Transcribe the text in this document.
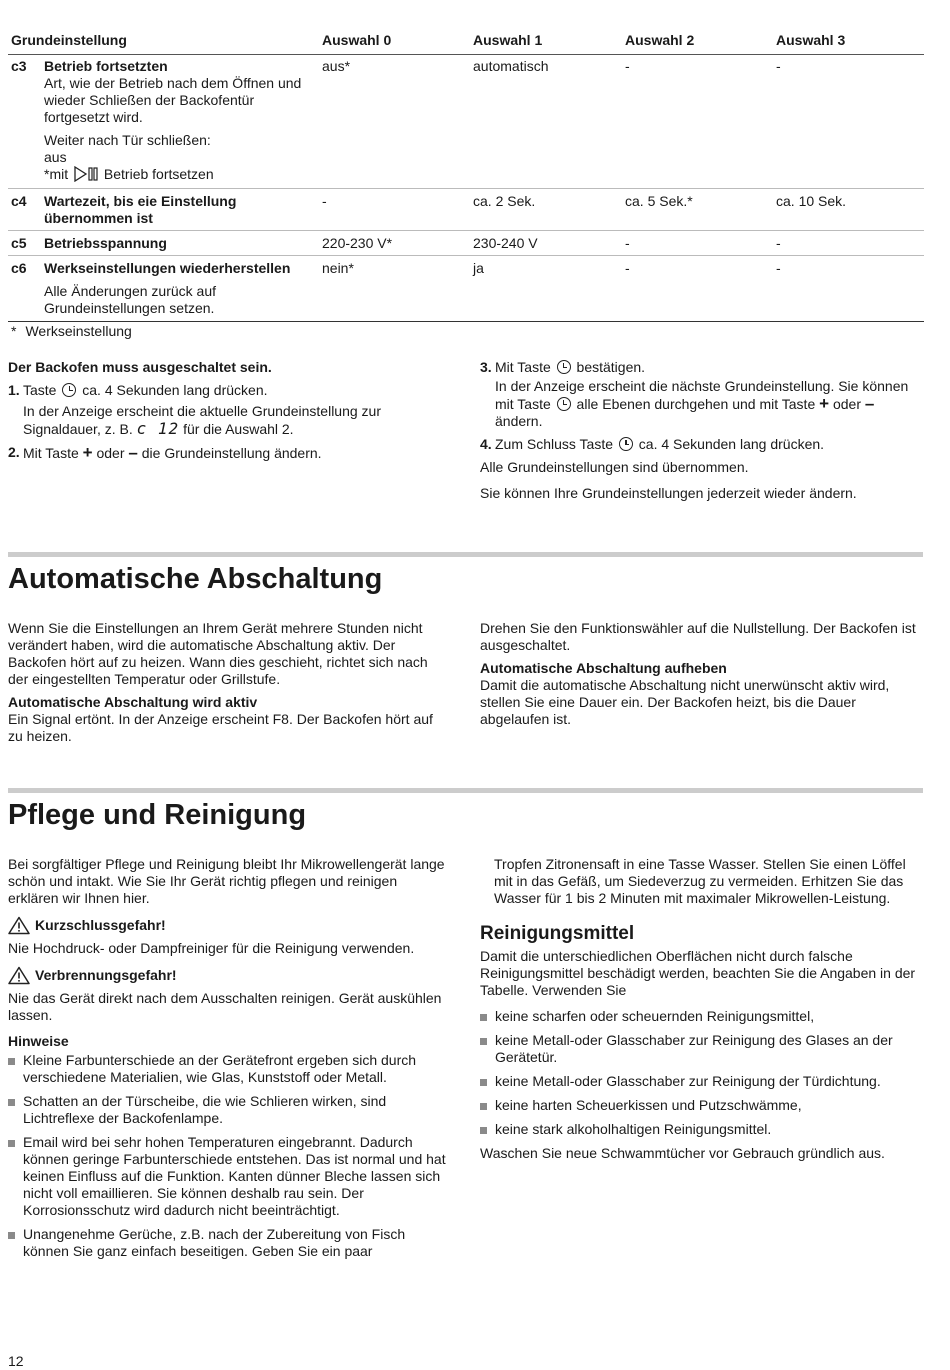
Grundeinstellung	Auswahl 0	Auswahl 1	Auswahl 2	Auswahl 3
c3 Betrieb fortsetzten
Art, wie der Betrieb nach dem Öffnen und wieder Schließen der Backofentür fortgesetzt wird.
Weiter nach Tür schließen:
aus
*mit	Betrieb fortsetzen
aus*	automatisch	-	-
c4 Wartezeit, bis eie Einstellung übernommen ist
-	ca. 2 Sek.	ca. 5 Sek.*	ca. 10 Sek.
c5 Betriebsspannung	220-230 V*	230-240 V	-	-
c6 Werkseinstellungen wiederherstellen
Alle Änderungen zurück auf Grundeinstellungen setzen.
nein*	ja	-	-
* Werkseinstellung
Der Backofen muss ausgeschaltet sein.
1. Taste ca. 4 Sekunden lang drücken.
In der Anzeige erscheint die aktuelle Grundeinstellung zur Signaldauer, z. B. c 12 für die Auswahl 2.
2. Mit Taste + oder – die Grundeinstellung ändern.
3. Mit Taste bestätigen.
In der Anzeige erscheint die nächste Grundeinstellung. Sie können mit Taste alle Ebenen durchgehen und mit Taste + oder –ändern.
4. Zum Schluss Taste ca. 4 Sekunden lang drücken.

Alle Grundeinstellungen sind übernommen.

Sie können Ihre Grundeinstellungen jederzeit wieder ändern.

Automatische Abschaltung

Wenn Sie die Einstellungen an Ihrem Gerät mehrere Stunden nicht verändert haben, wird die automatische Abschaltung aktiv. Der Backofen hört auf zu heizen. Wann dies geschieht, richtet sich nach der eingestellten Temperatur oder Grillstufe.

Automatische Abschaltung wird aktiv

Ein Signal ertönt. In der Anzeige erscheint F8. Der Backofen hört auf zu heizen.

Drehen Sie den Funktionswähler auf die Nullstellung. Der Backofen ist ausgeschaltet.

Automatische Abschaltung aufheben

Damit die automatische Abschaltung nicht unerwünscht aktiv wird, stellen Sie eine Dauer ein. Der Backofen heizt, bis die Dauer abgelaufen ist.

Pflege und Reinigung

Bei sorgfältiger Pflege und Reinigung bleibt Ihr Mikrowellengerät lange schön und intakt. Wie Sie Ihr Gerät richtig pflegen und reinigen erklären wir Ihnen hier.

Kurzschlussgefahr!

Nie Hochdruck- oder Dampfreiniger für die Reinigung verwenden.

Verbrennungsgefahr!

Nie das Gerät direkt nach dem Ausschalten reinigen. Gerät auskühlen lassen.

Hinweise
Kleine Farbunterschiede an der Gerätefront ergeben sich durch verschiedene Materialien, wie Glas, Kunststoff oder Metall.
Schatten an der Türscheibe, die wie Schlieren wirken, sind Lichtreflexe der Backofenlampe.
Email wird bei sehr hohen Temperaturen eingebrannt. Dadurch können geringe Farbunterschiede entstehen. Das ist normal und hat keinen Einfluss auf die Funktion. Kanten dünner Bleche lassen sich nicht voll emaillieren. Sie können deshalb rau sein. Der Korrosionsschutz wird dadurch nicht beeinträchtigt.
Unangenehme Gerüche, z.B. nach der Zubereitung von Fisch können Sie ganz einfach beseitigen. Geben Sie ein paar

Tropfen Zitronensaft in eine Tasse Wasser. Stellen Sie einen Löffel mit in das Gefäß, um Siedeverzug zu vermeiden. Erhitzen Sie das Wasser für 1 bis 2 Minuten mit maximaler Mikrowellen-Leistung.

Reinigungsmittel

Damit die unterschiedlichen Oberflächen nicht durch falsche Reinigungsmittel beschädigt werden, beachten Sie die Angaben in der Tabelle. Verwenden Sie

keine scharfen oder scheuernden Reinigungsmittel,
keine Metall-oder Glasschaber zur Reinigung des Glases an der Gerätetür.
keine Metall-oder Glasschaber zur Reinigung der Türdichtung.
keine harten Scheuerkissen und Putzschwämme,
keine stark alkoholhaltigen Reinigungsmittel.

Waschen Sie neue Schwammtücher vor Gebrauch gründlich aus.

12
